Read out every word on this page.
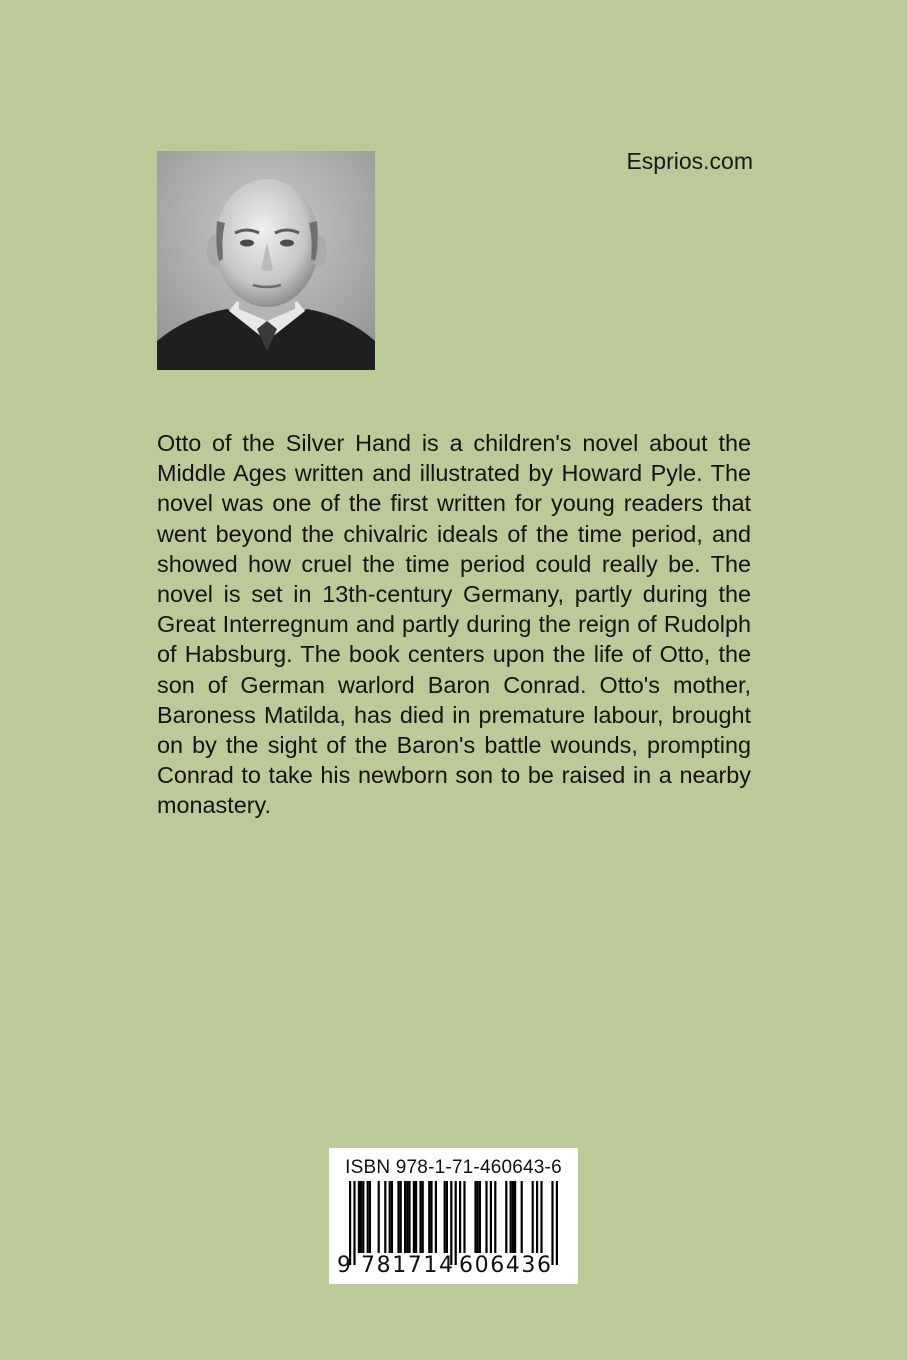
Esprios.com

Otto of the Silver Hand is a children's novel about the Middle Ages written and illustrated by Howard Pyle. The novel was one of the first written for young readers that went beyond the chivalric ideals of the time period, and showed how cruel the time period could really be. The novel is set in 13th-century Germany, partly during the Great Interregnum and partly during the reign of Rudolph of Habsburg. The book centers upon the life of Otto, the son of German warlord Baron Conrad. Otto's mother, Baroness Matilda, has died in premature labour, brought on by the sight of the Baron's battle wounds, prompting Conrad to take his newborn son to be raised in a nearby monastery.

ISBN 978-1-71-460643-6
9 781714 606436
